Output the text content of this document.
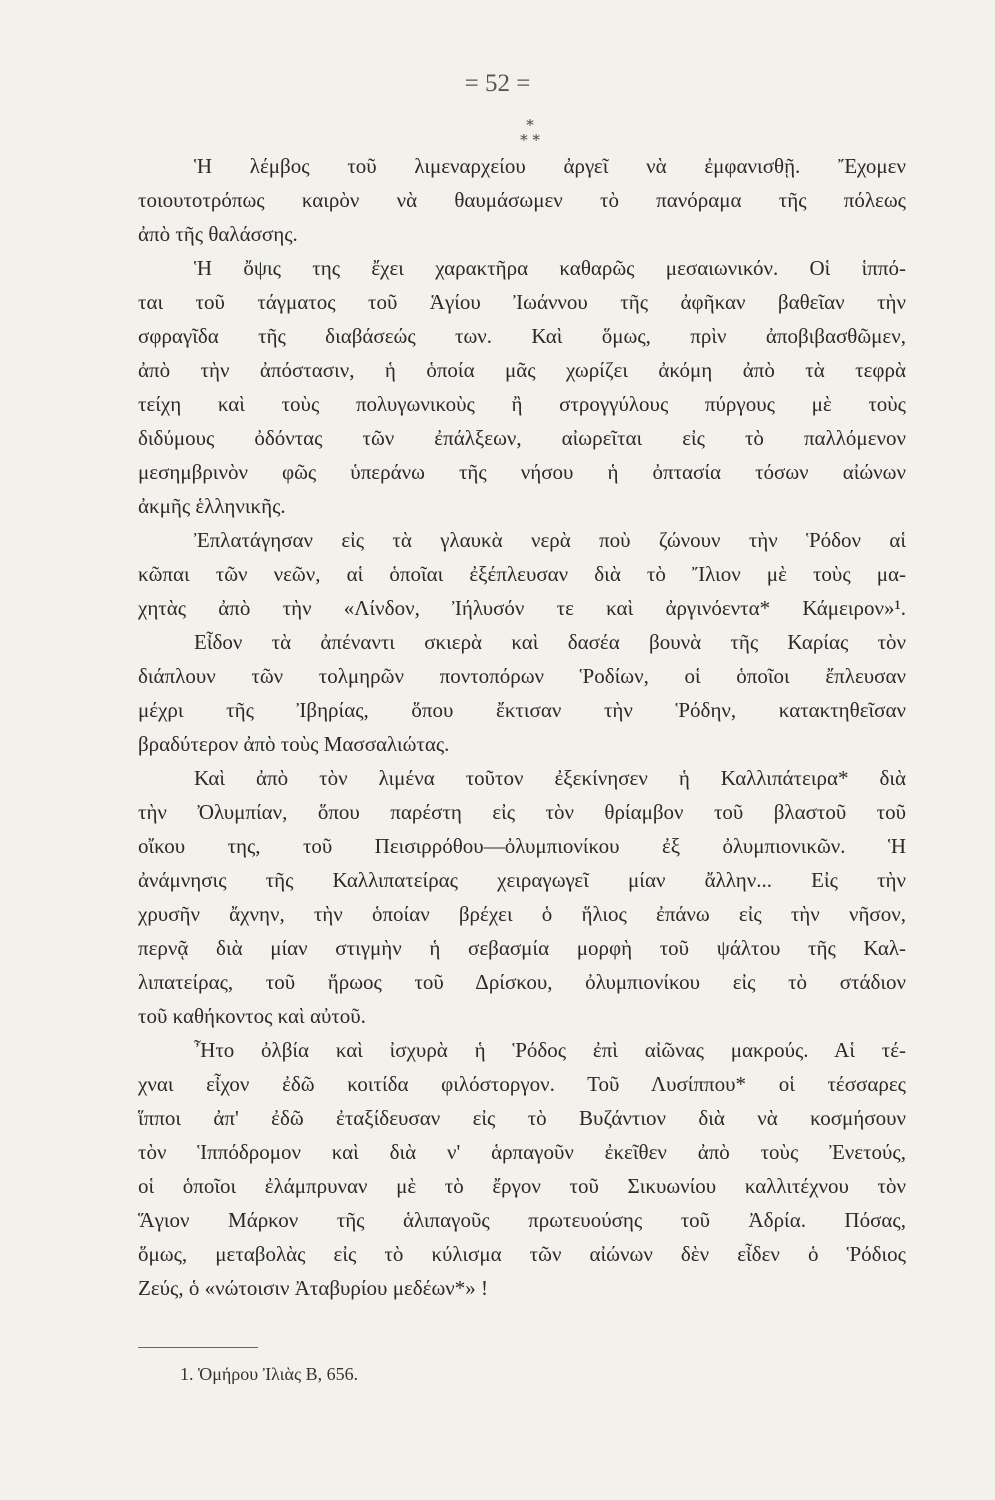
= 52 =
*
* *
Ἡ λέμβος τοῦ λιμεναρχείου ἀργεῖ νὰ ἐμφανισθῇ. Ἔχομεν
τοιουτοτρόπως καιρὸν νὰ θαυμάσωμεν τὸ πανόραμα τῆς πόλεως
ἀπὸ τῆς θαλάσσης.
Ἡ ὄψις της ἔχει χαρακτῆρα καθαρῶς μεσαιωνικόν. Οἱ ἱππό-
ται τοῦ τάγματος τοῦ Ἁγίου Ἰωάννου τῆς ἀφῆκαν βαθεῖαν τὴν
σφραγῖδα τῆς διαβάσεώς των. Καὶ ὅμως, πρὶν ἀποβιβασθῶμεν,
ἀπὸ τὴν ἀπόστασιν, ἡ ὁποία μᾶς χωρίζει ἀκόμη ἀπὸ τὰ τεφρὰ
τείχη καὶ τοὺς πολυγωνικοὺς ἢ στρογγύλους πύργους μὲ τοὺς
διδύμους ὀδόντας τῶν ἐπάλξεων, αἰωρεῖται εἰς τὸ παλλόμενον
μεσημβρινὸν φῶς ὑπεράνω τῆς νήσου ἡ ὀπτασία τόσων αἰώνων
ἀκμῆς ἑλληνικῆς.
Ἐπλατάγησαν εἰς τὰ γλαυκὰ νερὰ ποὺ ζώνουν τὴν Ῥόδον αἱ
κῶπαι τῶν νεῶν, αἱ ὁποῖαι ἐξέπλευσαν διὰ τὸ Ἴλιον μὲ τοὺς μα-
χητὰς ἀπὸ τὴν «Λίνδον, Ἰήλυσόν τε καὶ ἀργινόεντα* Κάμειρον»¹.
Εἶδον τὰ ἀπέναντι σκιερὰ καὶ δασέα βουνὰ τῆς Καρίας τὸν
διάπλουν τῶν τολμηρῶν ποντοπόρων Ῥοδίων, οἱ ὁποῖοι ἔπλευσαν
μέχρι τῆς Ἰβηρίας, ὅπου ἔκτισαν τὴν Ῥόδην, κατακτηθεῖσαν
βραδύτερον ἀπὸ τοὺς Μασσαλιώτας.
Καὶ ἀπὸ τὸν λιμένα τοῦτον ἐξεκίνησεν ἡ Καλλιπάτειρα* διὰ
τὴν Ὀλυμπίαν, ὅπου παρέστη εἰς τὸν θρίαμβον τοῦ βλαστοῦ τοῦ
οἴκου της, τοῦ Πεισιρρόθου—ὀλυμπιονίκου ἐξ ὀλυμπιονικῶν. Ἡ
ἀνάμνησις τῆς Καλλιπατείρας χειραγωγεῖ μίαν ἄλλην... Εἰς τὴν
χρυσῆν ἄχνην, τὴν ὁποίαν βρέχει ὁ ἥλιος ἐπάνω εἰς τὴν νῆσον,
περνᾷ διὰ μίαν στιγμὴν ἡ σεβασμία μορφὴ τοῦ ψάλτου τῆς Καλ-
λιπατείρας, τοῦ ἥρωος τοῦ Δρίσκου, ὀλυμπιονίκου εἰς τὸ στάδιον
τοῦ καθήκοντος καὶ αὐτοῦ.
Ἦτο ὀλβία καὶ ἰσχυρὰ ἡ Ῥόδος ἐπὶ αἰῶνας μακρούς. Αἱ τέ-
χναι εἶχον ἐδῶ κοιτίδα φιλόστοργον. Τοῦ Λυσίππου* οἱ τέσσαρες
ἵπποι ἀπ' ἐδῶ ἐταξίδευσαν εἰς τὸ Βυζάντιον διὰ νὰ κοσμήσουν
τὸν Ἱππόδρομον καὶ διὰ ν' ἁρπαγοῦν ἐκεῖθεν ἀπὸ τοὺς Ἐνετούς,
οἱ ὁποῖοι ἐλάμπρυναν μὲ τὸ ἔργον τοῦ Σικυωνίου καλλιτέχνου τὸν
Ἅγιον Μάρκον τῆς ἁλιπαγοῦς πρωτευούσης τοῦ Ἀδρία. Πόσας,
ὅμως, μεταβολὰς εἰς τὸ κύλισμα τῶν αἰώνων δὲν εἶδεν ὁ Ῥόδιος
Ζεύς, ὁ «νώτοισιν Ἀταβυρίου μεδέων*» !
1. Ὁμήρου Ἰλιὰς Β, 656.
